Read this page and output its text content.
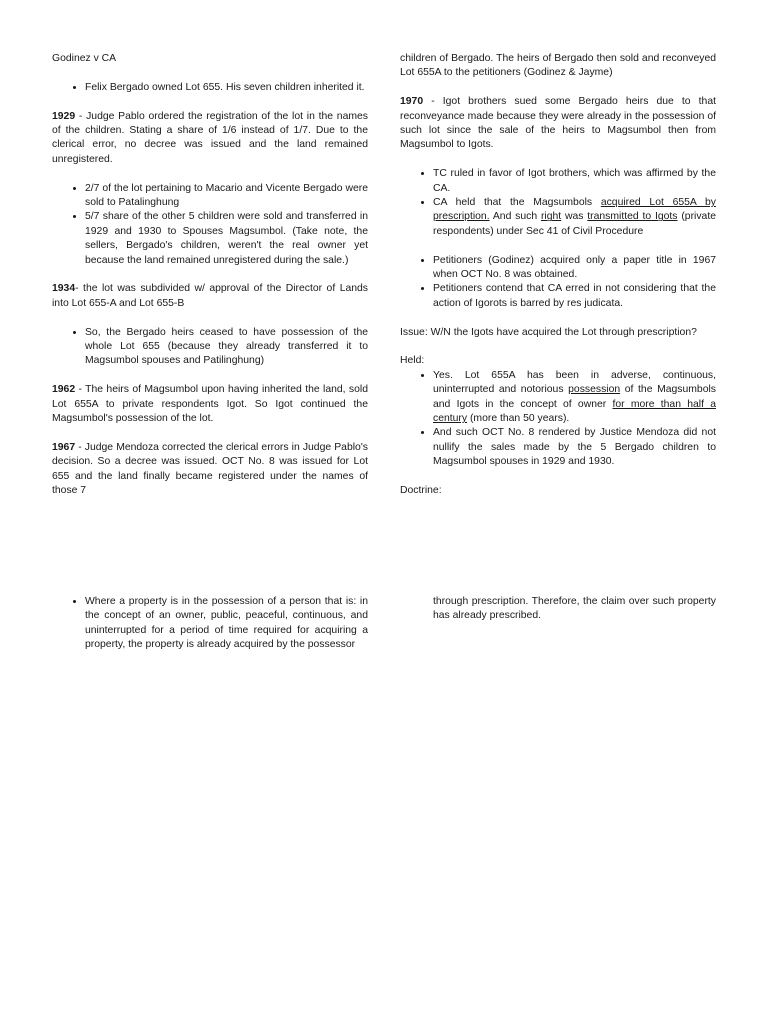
Godinez v CA

• Felix Bergado owned Lot 655. His seven children inherited it.

1929 - Judge Pablo ordered the registration of the lot in the names of the children. Stating a share of 1/6 instead of 1/7. Due to the clerical error, no decree was issued and the land remained unregistered.

• 2/7 of the lot pertaining to Macario and Vicente Bergado were sold to Patalinghung
• 5/7 share of the other 5 children were sold and transferred in 1929 and 1930 to Spouses Magsumbol. (Take note, the sellers, Bergado's children, weren't the real owner yet because the land remained unregistered during the sale.)

1934- the lot was subdivided w/ approval of the Director of Lands into Lot 655-A and Lot 655-B

• So, the Bergado heirs ceased to have possession of the whole Lot 655 (because they already transferred it to Magsumbol spouses and Patilinghung)

1962 - The heirs of Magsumbol upon having inherited the land, sold Lot 655A to private respondents Igot. So Igot continued the Magsumbol's possession of the lot.

1967 - Judge Mendoza corrected the clerical errors in Judge Pablo's decision. So a decree was issued. OCT No. 8 was issued for Lot 655 and the land finally became registered under the names of those 7

children of Bergado. The heirs of Bergado then sold and reconveyed Lot 655A to the petitioners (Godinez & Jayme)

1970 - Igot brothers sued some Bergado heirs due to that reconveyance made because they were already in the possession of such lot since the sale of the heirs to Magsumbol then from Magsumbol to Igots.

• TC ruled in favor of Igot brothers, which was affirmed by the CA.
• CA held that the Magsumbols acquired Lot 655A by prescription. And such right was transmitted to Igots (private respondents) under Sec 41 of Civil Procedure
• Petitioners (Godinez) acquired only a paper title in 1967 when OCT No. 8 was obtained.
• Petitioners contend that CA erred in not considering that the action of Igorots is barred by res judicata.

Issue: W/N the Igots have acquired the Lot through prescription?

Held:

• Yes. Lot 655A has been in adverse, continuous, uninterrupted and notorious possession of the Magsumbols and Igots in the concept of owner for more than half a century (more than 50 years).
• And such OCT No. 8 rendered by Justice Mendoza did not nullify the sales made by the 5 Bergado children to Magsumbol spouses in 1929 and 1930.

Doctrine:

• Where a property is in the possession of a person that is: in the concept of an owner, public, peaceful, continuous, and uninterrupted for a period of time required for acquiring a property, the property is already acquired by the possessor

through prescription. Therefore, the claim over such property has already prescribed.
